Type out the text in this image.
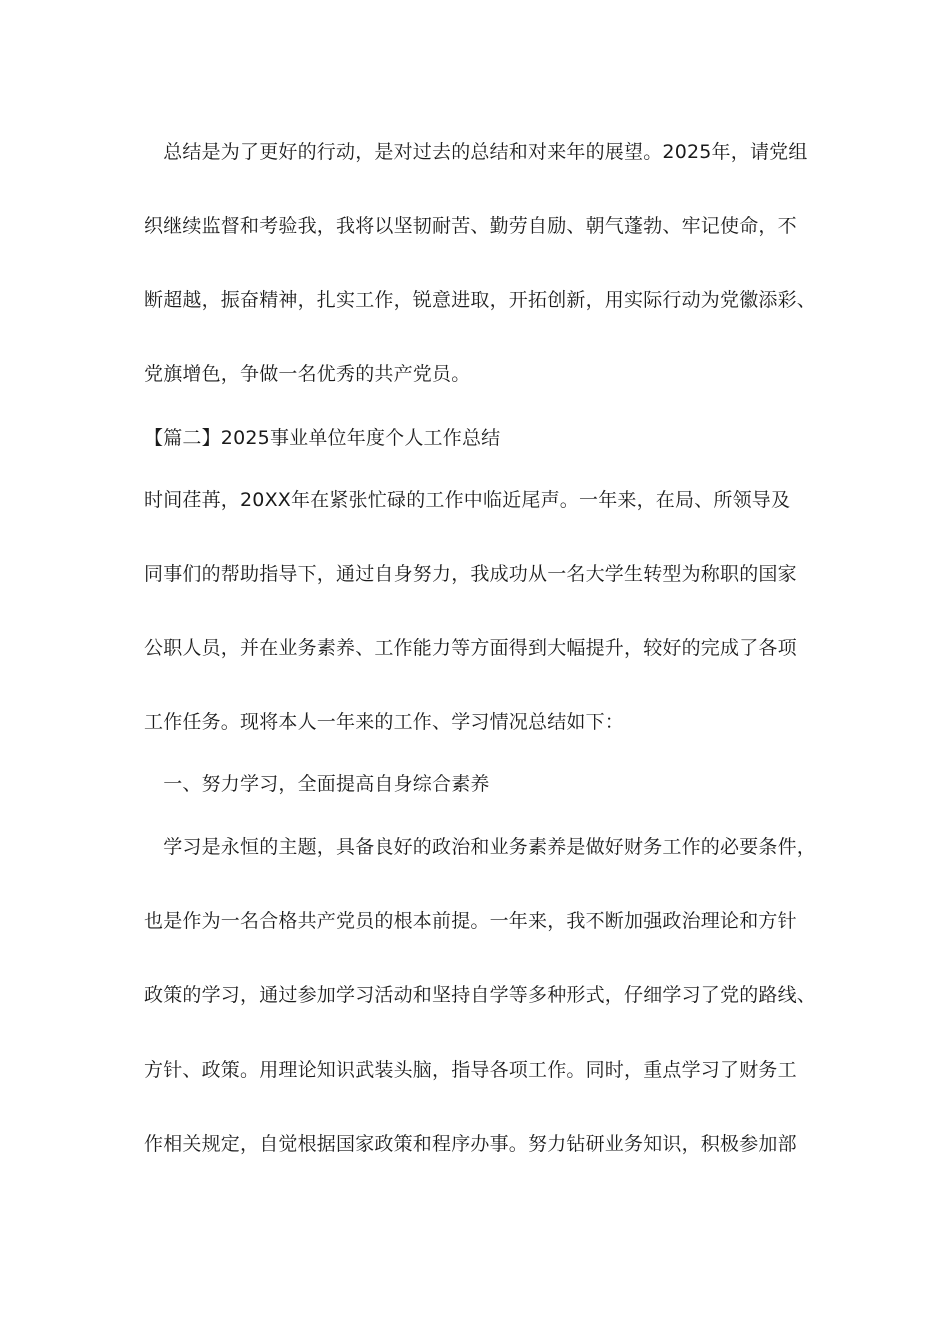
　总结是为了更好的行动，是对过去的总结和对来年的展望。2025年，请党组
织继续监督和考验我，我将以坚韧耐苦、勤劳自励、朝气蓬勃、牢记使命，不
断超越，振奋精神，扎实工作，锐意进取，开拓创新，用实际行动为党徽添彩、
党旗增色，争做一名优秀的共产党员。
【篇二】2025事业单位年度个人工作总结
时间荏苒，20XX年在紧张忙碌的工作中临近尾声。一年来，在局、所领导及
同事们的帮助指导下，通过自身努力，我成功从一名大学生转型为称职的国家
公职人员，并在业务素养、工作能力等方面得到大幅提升，较好的完成了各项
工作任务。现将本人一年来的工作、学习情况总结如下：
　一、努力学习，全面提高自身综合素养
　学习是永恒的主题，具备良好的政治和业务素养是做好财务工作的必要条件，
也是作为一名合格共产党员的根本前提。一年来，我不断加强政治理论和方针
政策的学习，通过参加学习活动和坚持自学等多种形式，仔细学习了党的路线、
方针、政策。用理论知识武装头脑，指导各项工作。同时，重点学习了财务工
作相关规定，自觉根据国家政策和程序办事。努力钻研业务知识，积极参加部
